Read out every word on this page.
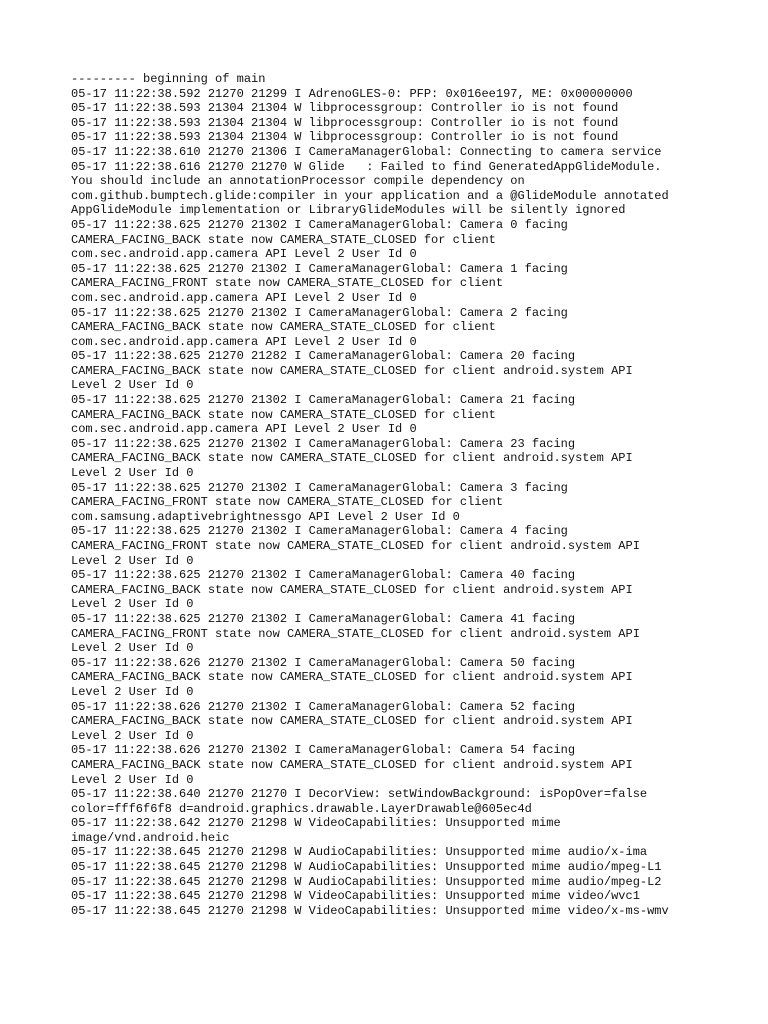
--------- beginning of main
05-17 11:22:38.592 21270 21299 I AdrenoGLES-0: PFP: 0x016ee197, ME: 0x00000000
05-17 11:22:38.593 21304 21304 W libprocessgroup: Controller io is not found
05-17 11:22:38.593 21304 21304 W libprocessgroup: Controller io is not found
05-17 11:22:38.593 21304 21304 W libprocessgroup: Controller io is not found
05-17 11:22:38.610 21270 21306 I CameraManagerGlobal: Connecting to camera service
05-17 11:22:38.616 21270 21270 W Glide   : Failed to find GeneratedAppGlideModule.
You should include an annotationProcessor compile dependency on
com.github.bumptech.glide:compiler in your application and a @GlideModule annotated
AppGlideModule implementation or LibraryGlideModules will be silently ignored
05-17 11:22:38.625 21270 21302 I CameraManagerGlobal: Camera 0 facing
CAMERA_FACING_BACK state now CAMERA_STATE_CLOSED for client
com.sec.android.app.camera API Level 2 User Id 0
05-17 11:22:38.625 21270 21302 I CameraManagerGlobal: Camera 1 facing
CAMERA_FACING_FRONT state now CAMERA_STATE_CLOSED for client
com.sec.android.app.camera API Level 2 User Id 0
05-17 11:22:38.625 21270 21302 I CameraManagerGlobal: Camera 2 facing
CAMERA_FACING_BACK state now CAMERA_STATE_CLOSED for client
com.sec.android.app.camera API Level 2 User Id 0
05-17 11:22:38.625 21270 21282 I CameraManagerGlobal: Camera 20 facing
CAMERA_FACING_BACK state now CAMERA_STATE_CLOSED for client android.system API
Level 2 User Id 0
05-17 11:22:38.625 21270 21302 I CameraManagerGlobal: Camera 21 facing
CAMERA_FACING_BACK state now CAMERA_STATE_CLOSED for client
com.sec.android.app.camera API Level 2 User Id 0
05-17 11:22:38.625 21270 21302 I CameraManagerGlobal: Camera 23 facing
CAMERA_FACING_BACK state now CAMERA_STATE_CLOSED for client android.system API
Level 2 User Id 0
05-17 11:22:38.625 21270 21302 I CameraManagerGlobal: Camera 3 facing
CAMERA_FACING_FRONT state now CAMERA_STATE_CLOSED for client
com.samsung.adaptivebrightnessgo API Level 2 User Id 0
05-17 11:22:38.625 21270 21302 I CameraManagerGlobal: Camera 4 facing
CAMERA_FACING_FRONT state now CAMERA_STATE_CLOSED for client android.system API
Level 2 User Id 0
05-17 11:22:38.625 21270 21302 I CameraManagerGlobal: Camera 40 facing
CAMERA_FACING_BACK state now CAMERA_STATE_CLOSED for client android.system API
Level 2 User Id 0
05-17 11:22:38.625 21270 21302 I CameraManagerGlobal: Camera 41 facing
CAMERA_FACING_FRONT state now CAMERA_STATE_CLOSED for client android.system API
Level 2 User Id 0
05-17 11:22:38.626 21270 21302 I CameraManagerGlobal: Camera 50 facing
CAMERA_FACING_BACK state now CAMERA_STATE_CLOSED for client android.system API
Level 2 User Id 0
05-17 11:22:38.626 21270 21302 I CameraManagerGlobal: Camera 52 facing
CAMERA_FACING_BACK state now CAMERA_STATE_CLOSED for client android.system API
Level 2 User Id 0
05-17 11:22:38.626 21270 21302 I CameraManagerGlobal: Camera 54 facing
CAMERA_FACING_BACK state now CAMERA_STATE_CLOSED for client android.system API
Level 2 User Id 0
05-17 11:22:38.640 21270 21270 I DecorView: setWindowBackground: isPopOver=false
color=fff6f6f8 d=android.graphics.drawable.LayerDrawable@605ec4d
05-17 11:22:38.642 21270 21298 W VideoCapabilities: Unsupported mime
image/vnd.android.heic
05-17 11:22:38.645 21270 21298 W AudioCapabilities: Unsupported mime audio/x-ima
05-17 11:22:38.645 21270 21298 W AudioCapabilities: Unsupported mime audio/mpeg-L1
05-17 11:22:38.645 21270 21298 W AudioCapabilities: Unsupported mime audio/mpeg-L2
05-17 11:22:38.645 21270 21298 W VideoCapabilities: Unsupported mime video/wvc1
05-17 11:22:38.645 21270 21298 W VideoCapabilities: Unsupported mime video/x-ms-wmv
